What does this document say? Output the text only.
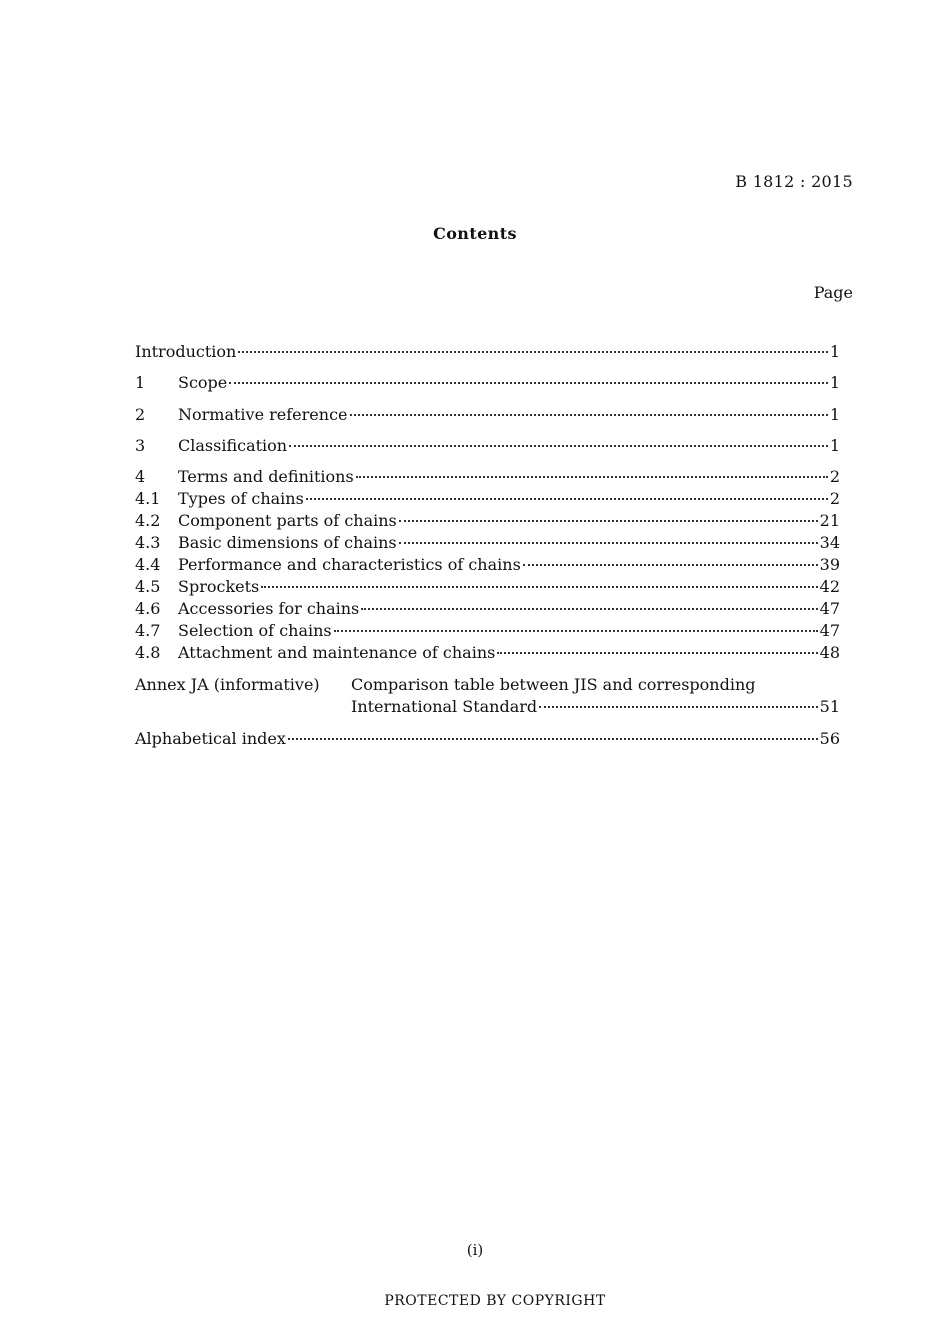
B 1812 : 2015
Contents
Page
Introduction	1
1	Scope	1
2	Normative reference	1
3	Classification	1
4	Terms and definitions	2
4.1	Types of chains	2
4.2	Component parts of chains	21
4.3	Basic dimensions of chains	34
4.4	Performance and characteristics of chains	39
4.5	Sprockets	42
4.6	Accessories for chains	47
4.7	Selection of chains	47
4.8	Attachment and maintenance of chains	48
Annex JA (informative)	Comparison table between JIS and corresponding
International Standard	51
Alphabetical index	56
(i)
PROTECTED BY COPYRIGHT
